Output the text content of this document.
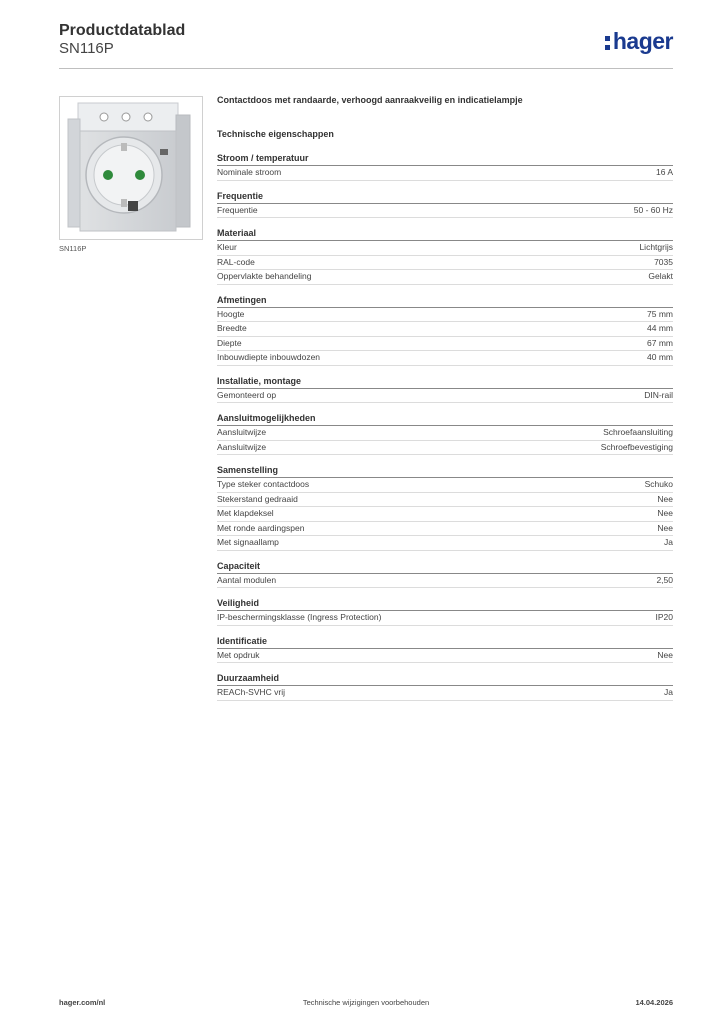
Productdatablad
SN116P	hager
SN116P
Contactdoos met randaarde, verhoogd aanraakveilig en indicatielampje
Technische eigenschappen
Stroom / temperatuur
Nominale stroom	16 A
Frequentie
Frequentie	50 - 60 Hz
Materiaal
Kleur	Lichtgrijs
RAL-code	7035
Oppervlakte behandeling	Gelakt
Afmetingen
Hoogte	75 mm
Breedte	44 mm
Diepte	67 mm
Inbouwdiepte inbouwdozen	40 mm
Installatie, montage
Gemonteerd op	DIN-rail
Aansluitmogelijkheden
Aansluitwijze	Schroefaansluiting
Aansluitwijze	Schroefbevestiging
Samenstelling
Type steker contactdoos	Schuko
Stekerstand gedraaid	Nee
Met klapdeksel	Nee
Met ronde aardingspen	Nee
Met signaallamp	Ja
Capaciteit
Aantal modulen	2,50
Veiligheid
IP-beschermingsklasse (Ingress Protection)	IP20
Identificatie
Met opdruk	Nee
Duurzaamheid
REACh-SVHC vrij	Ja
hager.com/nl	Technische wijzigingen voorbehouden	14.04.2026
